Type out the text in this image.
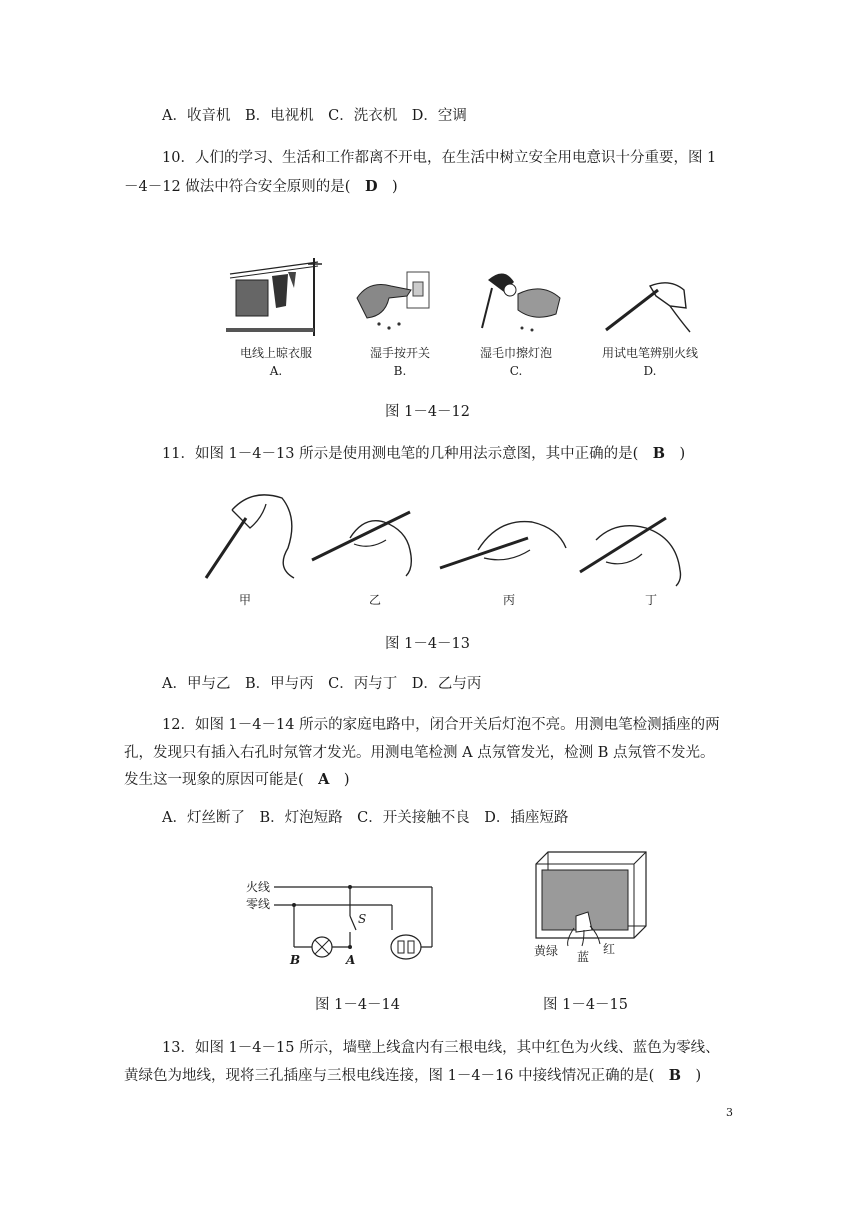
A．收音机　B．电视机　C．洗衣机　D．空调
10．人们的学习、生活和工作都离不开电，在生活中树立安全用电意识十分重要，图 1
－4－12 做法中符合安全原则的是(　D　)
电线上晾衣服
A.
湿手按开关
B.
湿毛巾擦灯泡
C.
用试电笔辨别火线
D.
图 1－4－12
11．如图 1－4－13 所示是使用测电笔的几种用法示意图，其中正确的是(　B　)
甲	乙	丙	丁
图 1－4－13
A．甲与乙　B．甲与丙　C．丙与丁　D．乙与丙
12．如图 1－4－14 所示的家庭电路中，闭合开关后灯泡不亮。用测电笔检测插座的两
孔，发现只有插入右孔时氖管才发光。用测电笔检测 A 点氖管发光，检测 B 点氖管不发光。
发生这一现象的原因可能是(　A　)
A．灯丝断了　B．灯泡短路　C．开关接触不良　D．插座短路
火线
零线
S
B	A
黄绿 蓝
红
图 1－4－14	图 1－4－15
13．如图 1－4－15 所示，墙壁上线盒内有三根电线，其中红色为火线、蓝色为零线、
黄绿色为地线，现将三孔插座与三根电线连接，图 1－4－16 中接线情况正确的是(　B　)
3
